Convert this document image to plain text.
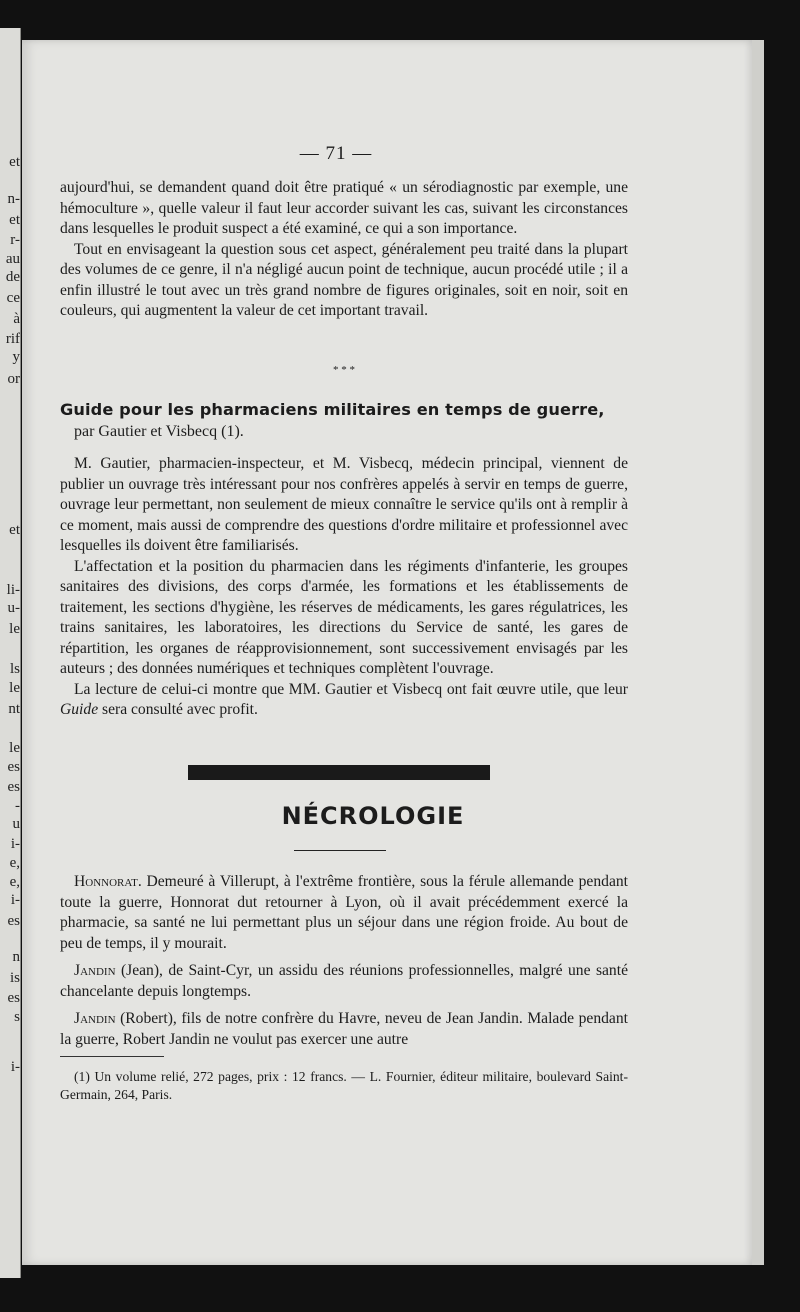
et
n-
et
r-
au
de
ce
à
rif
y
or
et
li-
u-
le
ls
le
nt
le
es
es
-
u
i-
e,
e,
i-
es
n
is
es
s
i-
— 71 —

aujourd'hui, se demandent quand doit être pratiqué « un sérodiagnostic par exemple, une hémoculture », quelle valeur il faut leur accorder suivant les cas, suivant les circonstances dans lesquelles le produit suspect a été examiné, ce qui a son importance.

Tout en envisageant la question sous cet aspect, généralement peu traité dans la plupart des volumes de ce genre, il n'a négligé aucun point de technique, aucun procédé utile ; il a enfin illustré le tout avec un très grand nombre de figures originales, soit en noir, soit en couleurs, qui augmentent la valeur de cet important travail.

* * *
Guide pour les pharmaciens militaires en temps de guerre,
par Gautier et Visbecq (1).

M. Gautier, pharmacien-inspecteur, et M. Visbecq, médecin principal, viennent de publier un ouvrage très intéressant pour nos confrères appelés à servir en temps de guerre, ouvrage leur permettant, non seulement de mieux connaître le service qu'ils ont à remplir à ce moment, mais aussi de comprendre des questions d'ordre militaire et professionnel avec lesquelles ils doivent être familiarisés.

L'affectation et la position du pharmacien dans les régiments d'infanterie, les groupes sanitaires des divisions, des corps d'armée, les formations et les établissements de traitement, les sections d'hygiène, les réserves de médicaments, les gares régulatrices, les trains sanitaires, les laboratoires, les directions du Service de santé, les gares de répartition, les organes de réapprovisionnement, sont successivement envisagés par les auteurs ; des données numériques et techniques complètent l'ouvrage.

La lecture de celui-ci montre que MM. Gautier et Visbecq ont fait œuvre utile, que leur Guide sera consulté avec profit.

NÉCROLOGIE

Honnorat. Demeuré à Villerupt, à l'extrême frontière, sous la férule allemande pendant toute la guerre, Honnorat dut retourner à Lyon, où il avait précédemment exercé la pharmacie, sa santé ne lui permettant plus un séjour dans une région froide. Au bout de peu de temps, il y mourait.

Jandin (Jean), de Saint-Cyr, un assidu des réunions professionnelles, malgré une santé chancelante depuis longtemps.

Jandin (Robert), fils de notre confrère du Havre, neveu de Jean Jandin. Malade pendant la guerre, Robert Jandin ne voulut pas exercer une autre

(1) Un volume relié, 272 pages, prix : 12 francs. — L. Fournier, éditeur militaire, boulevard Saint-Germain, 264, Paris.
